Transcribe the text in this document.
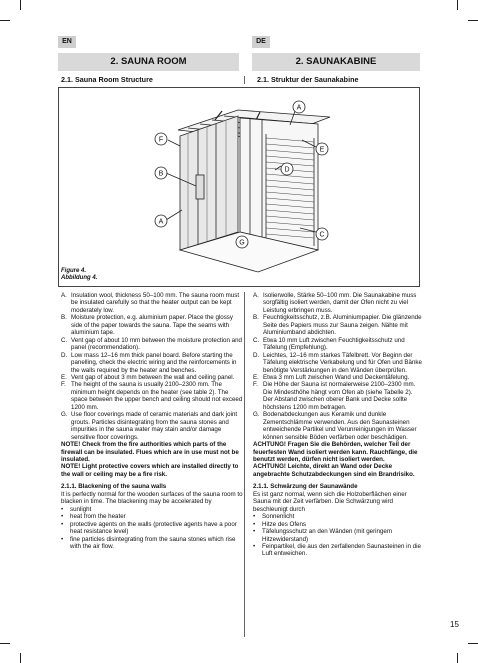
EN	DE
2. SAUNA ROOM	2. SAUNAKABINE
2.1. Sauna Room Structure	2.1. Struktur der Saunakabine
F
B
A
A
E
D
C
G
Figure 4.
Abbildung 4.
A. Insulation wool, thickness 50–100 mm. The sauna room must be insulated carefully so that the heater output can be kept moderately low.
B. Moisture protection, e.g. aluminium paper. Place the glossy side of the paper towards the sauna. Tape the seams with aluminium tape.
C. Vent gap of about 10 mm between the moisture protection and panel (recommendation).
D. Low mass 12–16 mm thick panel board. Before starting the panelling, check the electric wiring and the reinforcements in the walls required by the heater and benches.
E. Vent gap of about 3 mm between the wall and ceiling panel.
F. The height of the sauna is usually 2100–2300 mm. The minimum height depends on the heater (see table 2). The space between the upper bench and ceiling should not exceed 1200 mm.
G. Use floor coverings made of ceramic materials and dark joint grouts. Particles disintegrating from the sauna stones and impurities in the sauna water may stain and/or damage sensitive floor coverings.
NOTE! Check from the fire authorities which parts of the firewall can be insulated. Flues which are in use must not be insulated.
NOTE! Light protective covers which are installed directly to the wall or ceiling may be a fire risk.
2.1.1. Blackening of the sauna walls
It is perfectly normal for the wooden surfaces of the sauna room to blacken in time. The blackening may be accelerated by
•	sunlight
•	heat from the heater
•	protective agents on the walls (protective agents have a poor heat resistance level)
•	fine particles disintegrating from the sauna stones which rise with the air flow.
A. Isolierwolle, Stärke 50–100 mm. Die Saunakabine muss sorgfältig isoliert werden, damit der Ofen nicht zu viel Leistung erbringen muss.
B. Feuchtigkeitsschutz, z.B. Aluminiumpapier. Die glänzende Seite des Papiers muss zur Sauna zeigen. Nähte mit Aluminiumband abdichten.
C. Etwa 10 mm Luft zwischen Feuchtigkeitsschutz und Täfelung (Empfehlung).
D. Leichtes, 12–16 mm starkes Täfelbrett. Vor Beginn der Täfelung elektrische Verkabelung und für Ofen und Bänke benötigte Verstärkungen in den Wänden überprüfen.
E. Etwa 3 mm Luft zwischen Wand und Deckentäfelung.
F. Die Höhe der Sauna ist normalerweise 2100–2300 mm. Die Mindesthöhe hängt vom Ofen ab (siehe Tabelle 2). Der Abstand zwischen oberer Bank und Decke sollte höchstens 1200 mm betragen.
G. Bodenabdeckungen aus Keramik und dunkle Zementschlämme verwenden. Aus den Saunasteinen entweichende Partikel und Verunreinigungen im Wasser können sensible Böden verfärben oder beschädigen.
ACHTUNG! Fragen Sie die Behörden, welcher Teil der feuerfesten Wand isoliert werden kann. Rauchfänge, die benutzt werden, dürfen nicht isoliert werden.
ACHTUNG! Leichte, direkt an Wand oder Decke angebrachte Schutzabdeckungen sind ein Brandrisiko.
2.1.1. Schwärzung der Saunawände
Es ist ganz normal, wenn sich die Holzoberflächen einer Sauna mit der Zeit verfärben. Die Schwärzung wird beschleunigt durch
•	Sonnenlicht
•	Hitze des Ofens
•	Täfelungsschutz an den Wänden (mit geringem Hitzewiderstand)
•	Feinpartikel, die aus den zerfallenden Saunasteinen in die Luft entweichen.
15
